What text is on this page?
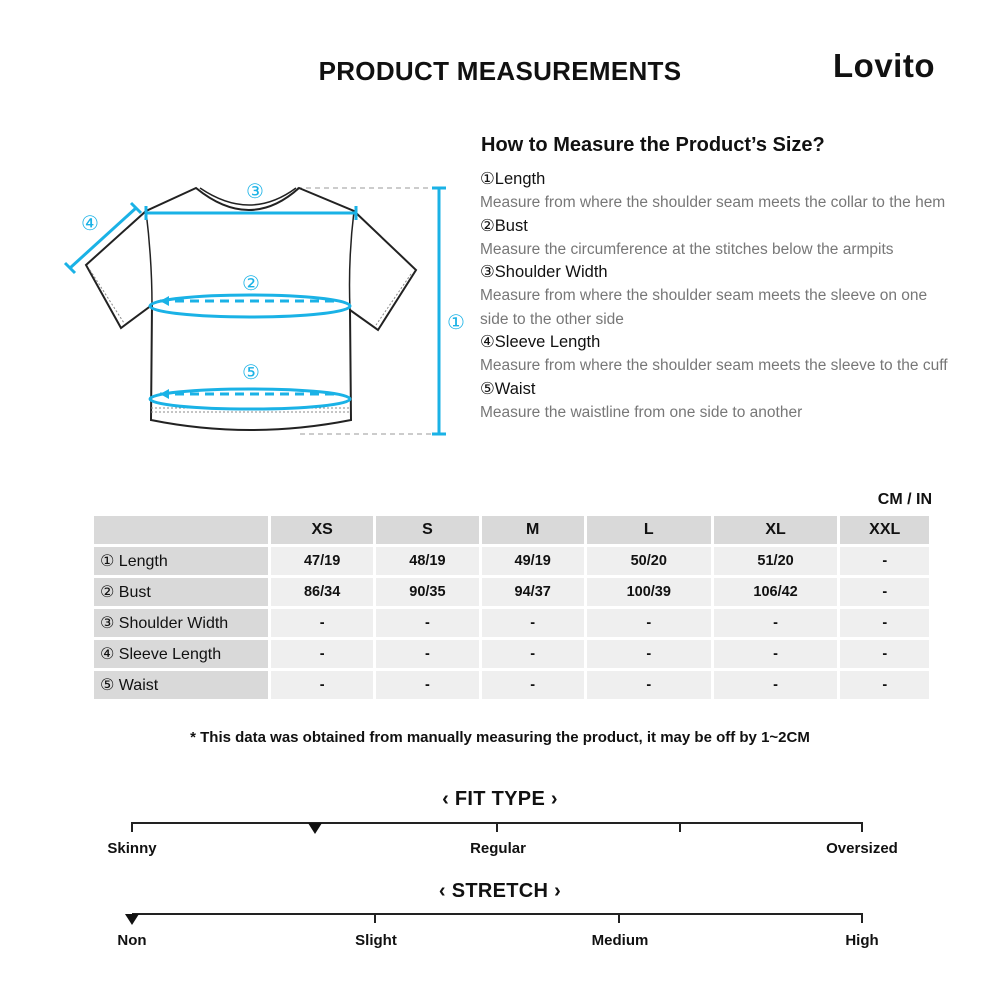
PRODUCT MEASUREMENTS	Lovito
①
②
③
④
⑤
How to Measure the Product’s Size?
①Length
Measure from where the shoulder seam meets the collar to the hem
②Bust
Measure the circumference at the stitches below the armpits
③Shoulder Width
Measure from where the shoulder seam meets the sleeve on one side to the other side
④Sleeve Length
Measure from where the shoulder seam meets the sleeve to the cuff
⑤Waist
Measure the waistline from one side to another
CM / IN
	XS	S	M	L	XL	XXL
① Length	47/19	48/19	49/19	50/20	51/20	-
② Bust	86/34	90/35	94/37	100/39	106/42	-
③ Shoulder Width	-	-	-	-	-	-
④ Sleeve Length	-	-	-	-	-	-
⑤ Waist	-	-	-	-	-	-
* This data was obtained from manually measuring the product, it may be off by 1~2CM
‹ FIT TYPE ›
Skinny	Regular	Oversized
‹ STRETCH ›
Non	Slight	Medium	High
